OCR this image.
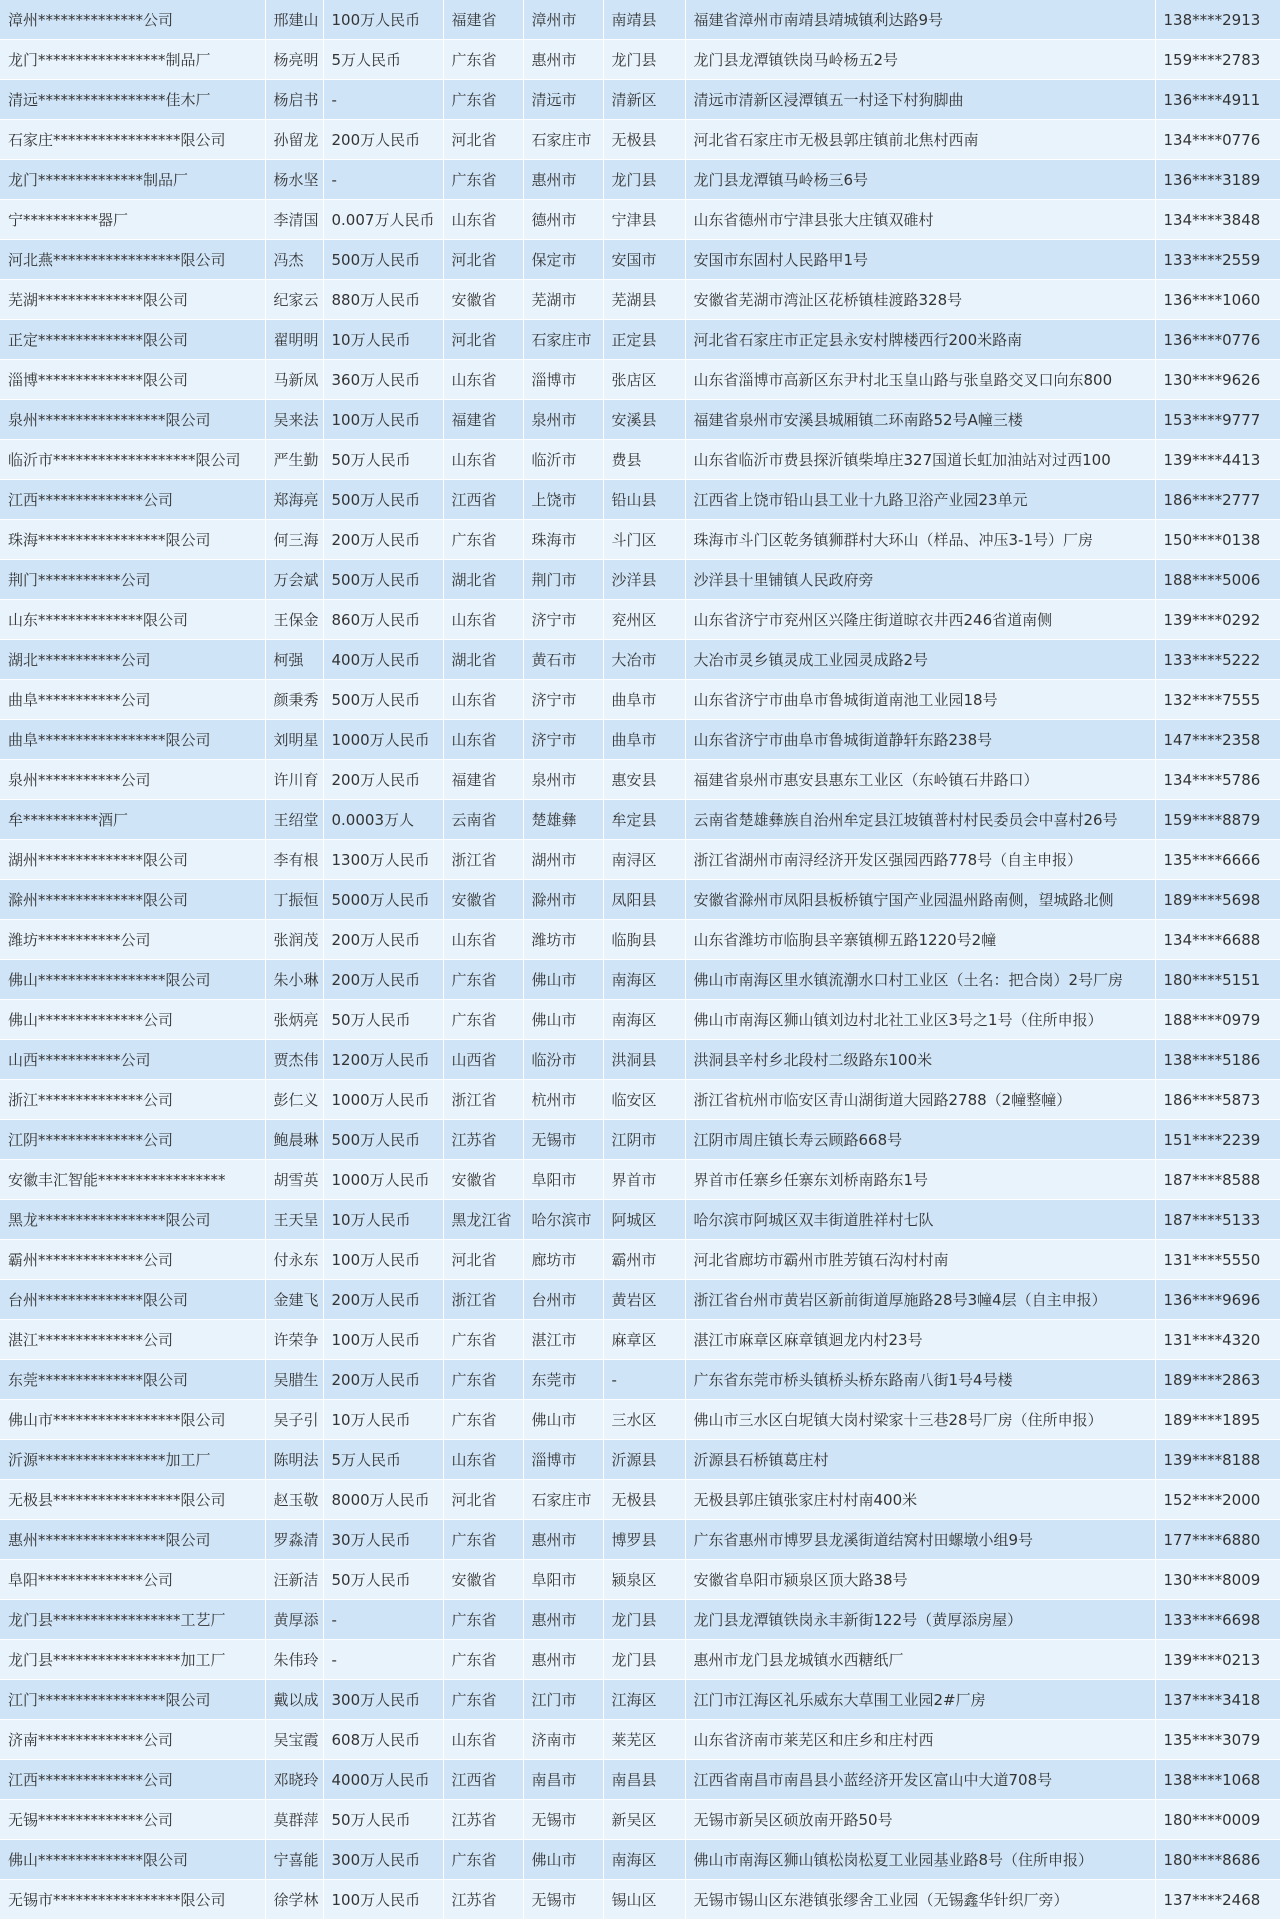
漳州**************公司	邢建山	100万人民币	福建省	漳州市	南靖县	福建省漳州市南靖县靖城镇利达路9号	138****2913
龙门*****************制品厂	杨亮明	5万人民币	广东省	惠州市	龙门县	龙门县龙潭镇铁岗马岭杨五2号	159****2783
清远*****************佳木厂	杨启书	-	广东省	清远市	清新区	清远市清新区浸潭镇五一村迳下村狗脚曲	136****4911
石家庄*****************限公司	孙留龙	200万人民币	河北省	石家庄市	无极县	河北省石家庄市无极县郭庄镇前北焦村西南	134****0776
龙门**************制品厂	杨水坚	-	广东省	惠州市	龙门县	龙门县龙潭镇马岭杨三6号	136****3189
宁**********器厂	李清国	0.007万人民币	山东省	德州市	宁津县	山东省德州市宁津县张大庄镇双碓村	134****3848
河北燕*****************限公司	冯杰	500万人民币	河北省	保定市	安国市	安国市东固村人民路甲1号	133****2559
芜湖**************限公司	纪家云	880万人民币	安徽省	芜湖市	芜湖县	安徽省芜湖市湾沚区花桥镇桂渡路328号	136****1060
正定**************限公司	翟明明	10万人民币	河北省	石家庄市	正定县	河北省石家庄市正定县永安村牌楼西行200米路南	136****0776
淄博**************限公司	马新凤	360万人民币	山东省	淄博市	张店区	山东省淄博市高新区东尹村北玉皇山路与张皇路交叉口向东800	130****9626
泉州*****************限公司	吴来法	100万人民币	福建省	泉州市	安溪县	福建省泉州市安溪县城厢镇二环南路52号A幢三楼	153****9777
临沂市*******************限公司	严生勤	50万人民币	山东省	临沂市	费县	山东省临沂市费县探沂镇柴埠庄327国道长虹加油站对过西100	139****4413
江西**************公司	郑海亮	500万人民币	江西省	上饶市	铅山县	江西省上饶市铅山县工业十九路卫浴产业园23单元	186****2777
珠海*****************限公司	何三海	200万人民币	广东省	珠海市	斗门区	珠海市斗门区乾务镇狮群村大环山（样品、冲压3-1号）厂房	150****0138
荆门***********公司	万会斌	500万人民币	湖北省	荆门市	沙洋县	沙洋县十里铺镇人民政府旁	188****5006
山东**************限公司	王保金	860万人民币	山东省	济宁市	兖州区	山东省济宁市兖州区兴隆庄街道晾衣井西246省道南侧	139****0292
湖北***********公司	柯强	400万人民币	湖北省	黄石市	大冶市	大冶市灵乡镇灵成工业园灵成路2号	133****5222
曲阜***********公司	颜秉秀	500万人民币	山东省	济宁市	曲阜市	山东省济宁市曲阜市鲁城街道南池工业园18号	132****7555
曲阜*****************限公司	刘明星	1000万人民币	山东省	济宁市	曲阜市	山东省济宁市曲阜市鲁城街道静轩东路238号	147****2358
泉州***********公司	许川育	200万人民币	福建省	泉州市	惠安县	福建省泉州市惠安县惠东工业区（东岭镇石井路口）	134****5786
牟**********酒厂	王绍堂	0.0003万人	云南省	楚雄彝	牟定县	云南省楚雄彝族自治州牟定县江坡镇普村村民委员会中喜村26号	159****8879
湖州**************限公司	李有根	1300万人民币	浙江省	湖州市	南浔区	浙江省湖州市南浔经济开发区强园西路778号（自主申报）	135****6666
滁州**************限公司	丁振恒	5000万人民币	安徽省	滁州市	凤阳县	安徽省滁州市凤阳县板桥镇宁国产业园温州路南侧，望城路北侧	189****5698
潍坊***********公司	张润茂	200万人民币	山东省	潍坊市	临朐县	山东省潍坊市临朐县辛寨镇柳五路1220号2幢	134****6688
佛山*****************限公司	朱小琳	200万人民币	广东省	佛山市	南海区	佛山市南海区里水镇流潮水口村工业区（土名：把合岗）2号厂房	180****5151
佛山**************公司	张炳亮	50万人民币	广东省	佛山市	南海区	佛山市南海区狮山镇刘边村北社工业区3号之1号（住所申报）	188****0979
山西***********公司	贾杰伟	1200万人民币	山西省	临汾市	洪洞县	洪洞县辛村乡北段村二级路东100米	138****5186
浙江**************公司	彭仁义	1000万人民币	浙江省	杭州市	临安区	浙江省杭州市临安区青山湖街道大园路2788（2幢整幢）	186****5873
江阴**************公司	鲍晨琳	500万人民币	江苏省	无锡市	江阴市	江阴市周庄镇长寿云顾路668号	151****2239
安徽丰汇智能*****************	胡雪英	1000万人民币	安徽省	阜阳市	界首市	界首市任寨乡任寨东刘桥南路东1号	187****8588
黑龙*****************限公司	王天呈	10万人民币	黑龙江省	哈尔滨市	阿城区	哈尔滨市阿城区双丰街道胜祥村七队	187****5133
霸州**************公司	付永东	100万人民币	河北省	廊坊市	霸州市	河北省廊坊市霸州市胜芳镇石沟村村南	131****5550
台州**************限公司	金建飞	200万人民币	浙江省	台州市	黄岩区	浙江省台州市黄岩区新前街道厚施路28号3幢4层（自主申报）	136****9696
湛江**************公司	许荣争	100万人民币	广东省	湛江市	麻章区	湛江市麻章区麻章镇迴龙内村23号	131****4320
东莞**************限公司	吴腊生	200万人民币	广东省	东莞市	-	广东省东莞市桥头镇桥头桥东路南八街1号4号楼	189****2863
佛山市*****************限公司	吴子引	10万人民币	广东省	佛山市	三水区	佛山市三水区白坭镇大岗村梁家十三巷28号厂房（住所申报）	189****1895
沂源*****************加工厂	陈明法	5万人民币	山东省	淄博市	沂源县	沂源县石桥镇葛庄村	139****8188
无极县*****************限公司	赵玉敬	8000万人民币	河北省	石家庄市	无极县	无极县郭庄镇张家庄村村南400米	152****2000
惠州*****************限公司	罗淼清	30万人民币	广东省	惠州市	博罗县	广东省惠州市博罗县龙溪街道结窝村田螺墩小组9号	177****6880
阜阳**************公司	汪新洁	50万人民币	安徽省	阜阳市	颍泉区	安徽省阜阳市颍泉区顶大路38号	130****8009
龙门县*****************工艺厂	黄厚添	-	广东省	惠州市	龙门县	龙门县龙潭镇铁岗永丰新街122号（黄厚添房屋）	133****6698
龙门县*****************加工厂	朱伟玲	-	广东省	惠州市	龙门县	惠州市龙门县龙城镇水西糖纸厂	139****0213
江门*****************限公司	戴以成	300万人民币	广东省	江门市	江海区	江门市江海区礼乐威东大草围工业园2#厂房	137****3418
济南**************公司	吴宝霞	608万人民币	山东省	济南市	莱芜区	山东省济南市莱芜区和庄乡和庄村西	135****3079
江西**************公司	邓晓玲	4000万人民币	江西省	南昌市	南昌县	江西省南昌市南昌县小蓝经济开发区富山中大道708号	138****1068
无锡**************公司	莫群萍	50万人民币	江苏省	无锡市	新吴区	无锡市新吴区硕放南开路50号	180****0009
佛山**************限公司	宁喜能	300万人民币	广东省	佛山市	南海区	佛山市南海区狮山镇松岗松夏工业园基业路8号（住所申报）	180****8686
无锡市*****************限公司	徐学林	100万人民币	江苏省	无锡市	锡山区	无锡市锡山区东港镇张缪舍工业园（无锡鑫华针织厂旁）	137****2468
